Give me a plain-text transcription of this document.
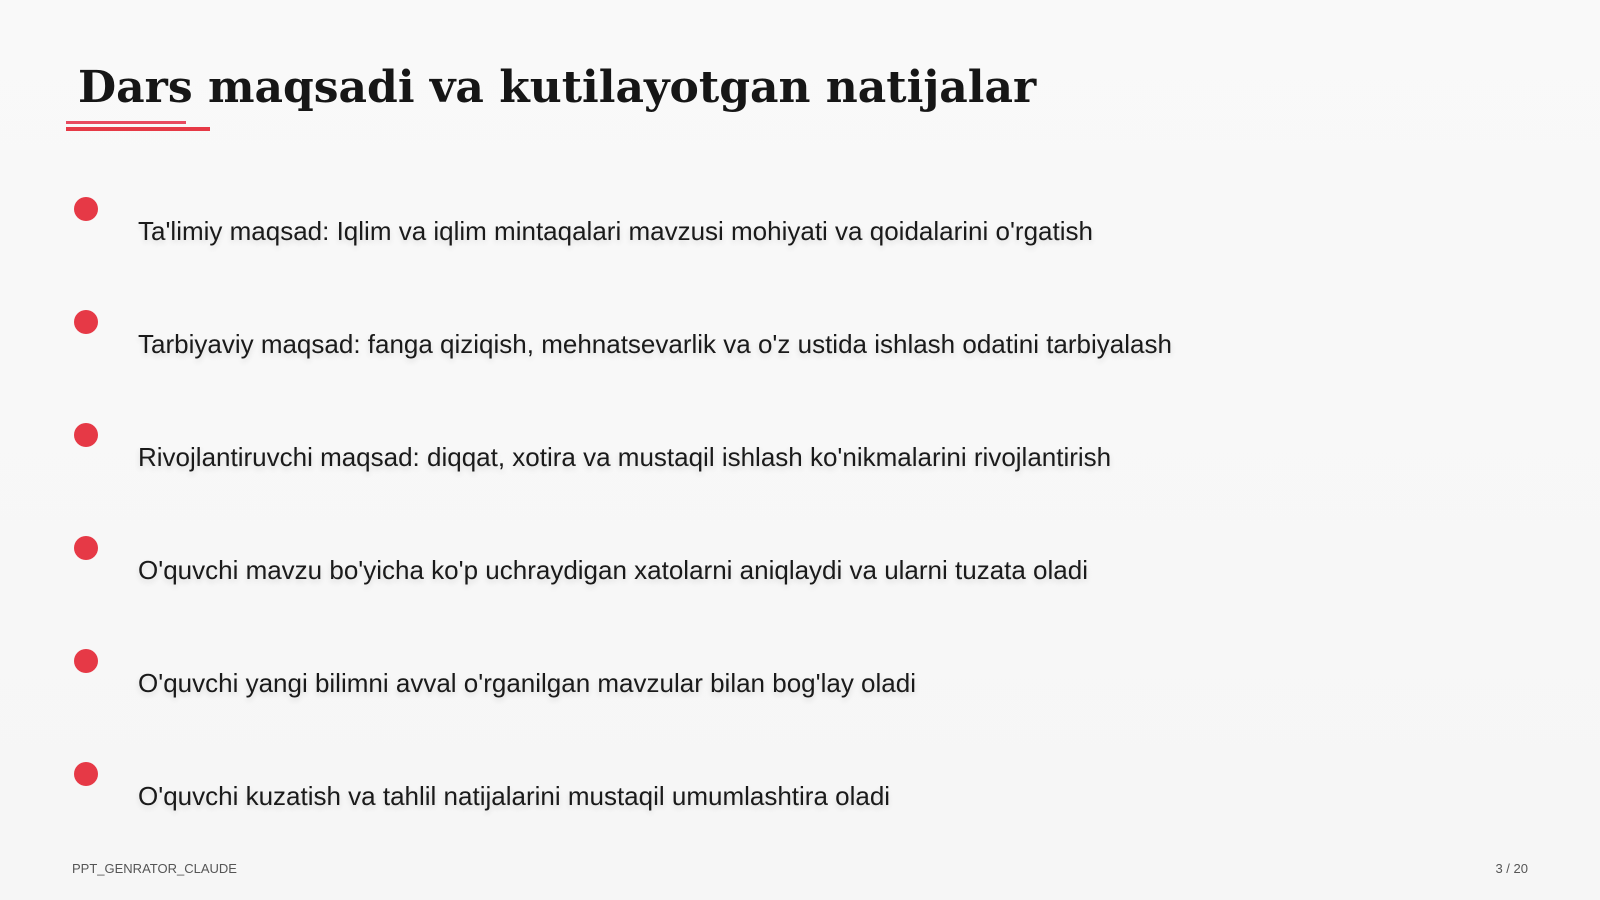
Dars maqsadi va kutilayotgan natijalar
Ta'limiy maqsad: Iqlim va iqlim mintaqalari mavzusi mohiyati va qoidalarini o'rgatish
Tarbiyaviy maqsad: fanga qiziqish, mehnatsevarlik va o'z ustida ishlash odatini tarbiyalash
Rivojlantiruvchi maqsad: diqqat, xotira va mustaqil ishlash ko'nikmalarini rivojlantirish
O'quvchi mavzu bo'yicha ko'p uchraydigan xatolarni aniqlaydi va ularni tuzata oladi
O'quvchi yangi bilimni avval o'rganilgan mavzular bilan bog'lay oladi
O'quvchi kuzatish va tahlil natijalarini mustaqil umumlashtira oladi
PPT_GENRATOR_CLAUDE	3 / 20
